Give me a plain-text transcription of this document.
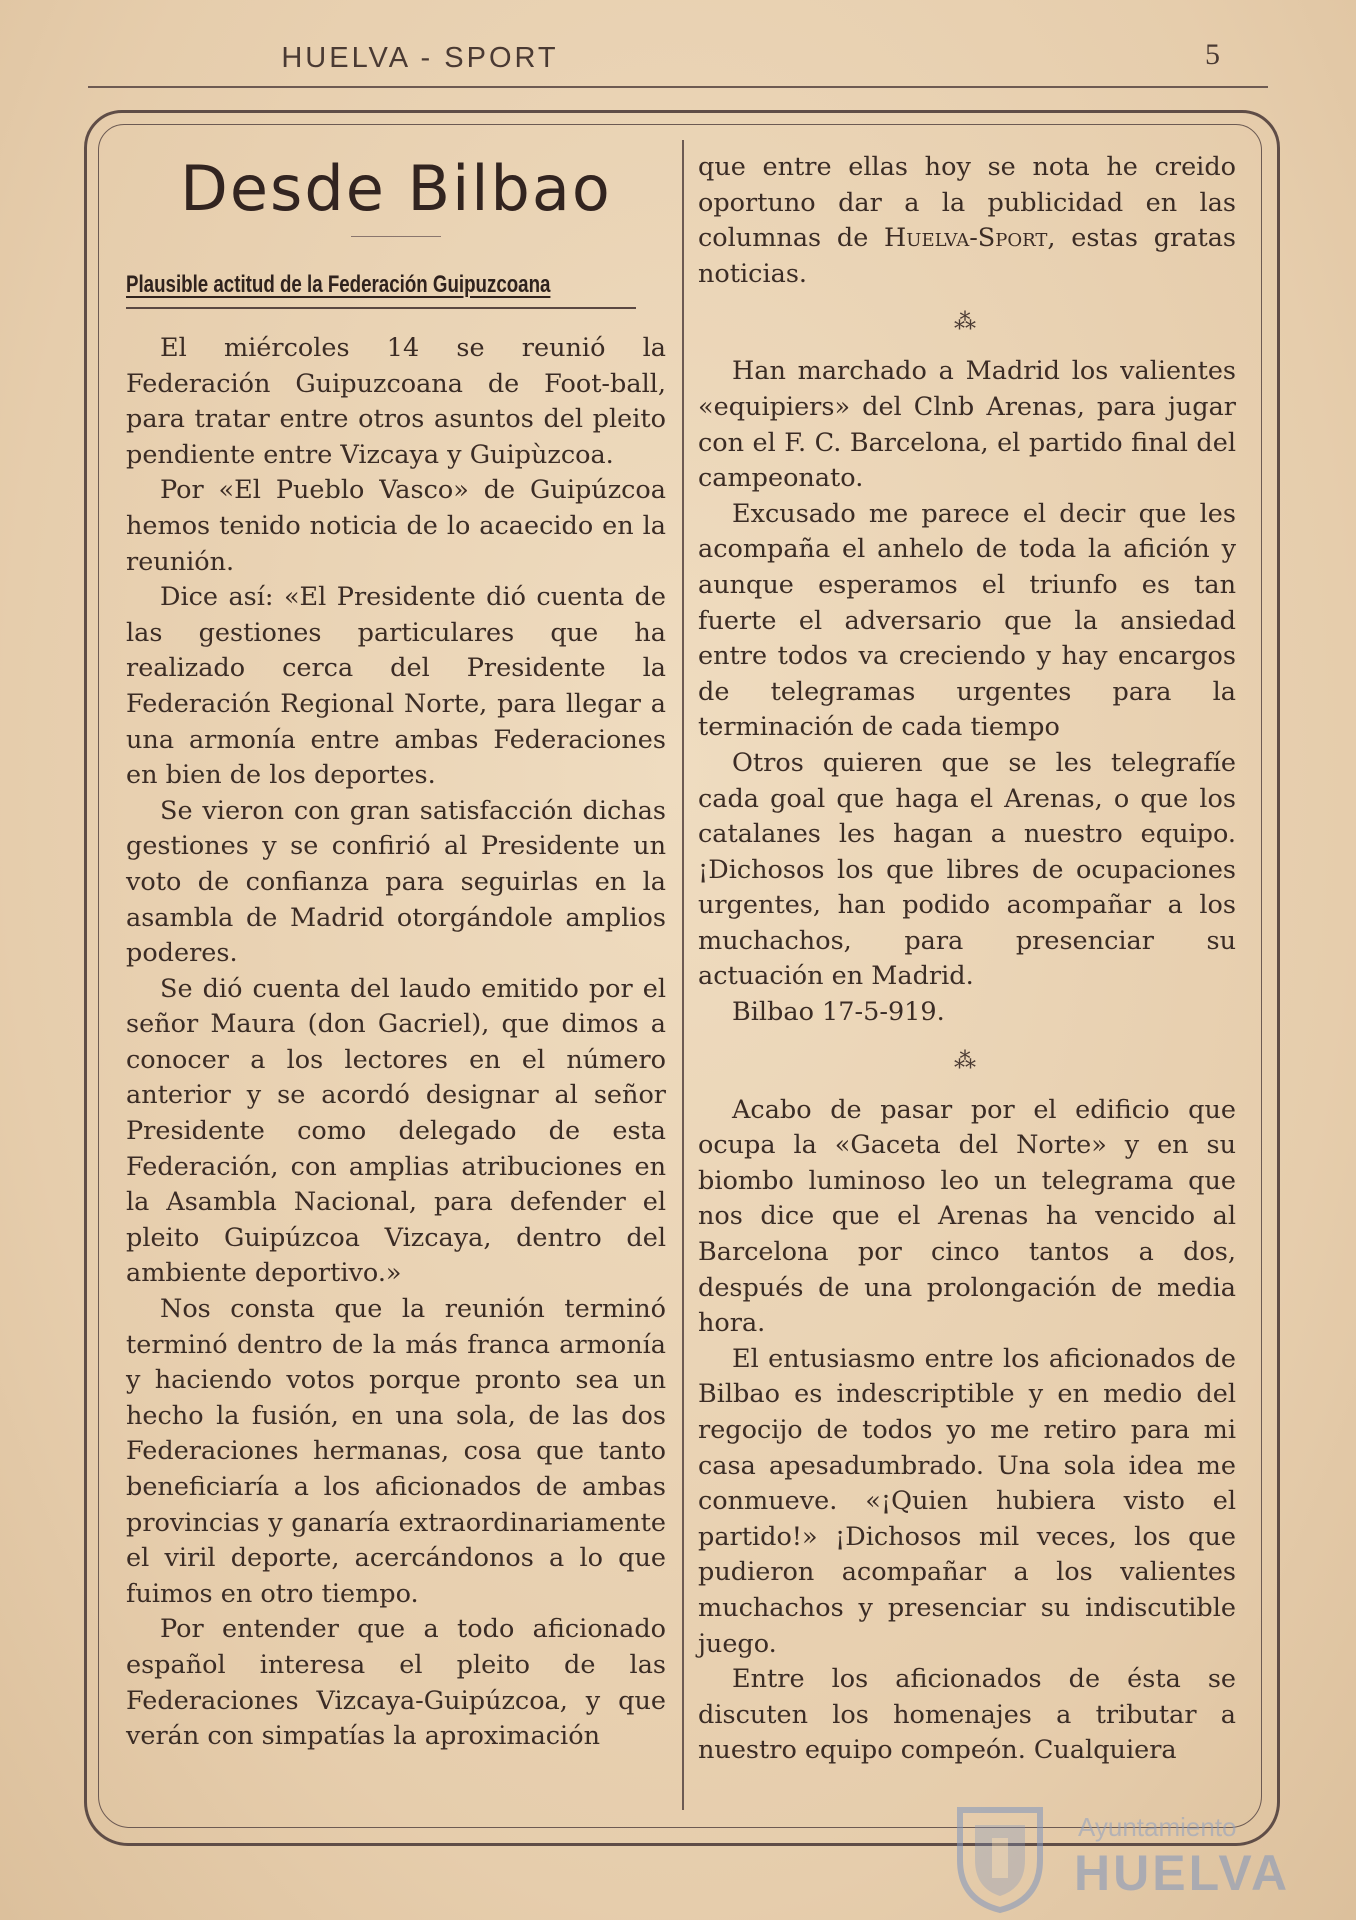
HUELVA - SPORT	5
Desde Bilbao
Plausible actitud de la Federación Guipuzcoana

El miércoles 14 se reunió la Federación Guipuzcoana de Foot-ball, para tratar entre otros asuntos del pleito pendiente entre Vizcaya y Guipùzcoa.

Por «El Pueblo Vasco» de Guipúzcoa hemos tenido noticia de lo acaecido en la reunión.

Dice así: «El Presidente dió cuenta de las gestiones particulares que ha realizado cerca del Presidente la Federación Regional Norte, para llegar a una armonía entre ambas Federaciones en bien de los deportes.

Se vieron con gran satisfacción dichas gestiones y se confirió al Presidente un voto de confianza para seguirlas en la asambla de Madrid otorgándole amplios poderes.

Se dió cuenta del laudo emitido por el señor Maura (don Gacriel), que dimos a conocer a los lectores en el número anterior y se acordó designar al señor Presidente como delegado de esta Federación, con amplias atribuciones en la Asambla Nacional, para defender el pleito Guipúzcoa Vizcaya, dentro del ambiente deportivo.»

Nos consta que la reunión terminó terminó dentro de la más franca armonía y haciendo votos porque pronto sea un hecho la fusión, en una sola, de las dos Federaciones hermanas, cosa que tanto beneficiaría a los aficionados de ambas provincias y ganaría extraordinariamente el viril deporte, acercándonos a lo que fuimos en otro tiempo.

Por entender que a todo aficionado español interesa el pleito de las Federaciones Vizcaya-Guipúzcoa, y que verán con simpatías la aproximación

que entre ellas hoy se nota he creido oportuno dar a la publicidad en las columnas de Huelva-Sport, estas gratas noticias.

⁂

Han marchado a Madrid los valientes «equipiers» del Clnb Arenas, para jugar con el F. C. Barcelona, el partido final del campeonato.

Excusado me parece el decir que les acompaña el anhelo de toda la afición y aunque esperamos el triunfo es tan fuerte el adversario que la ansiedad entre todos va creciendo y hay encargos de telegramas urgentes para la terminación de cada tiempo

Otros quieren que se les telegrafíe cada goal que haga el Arenas, o que los catalanes les hagan a nuestro equipo. ¡Dichosos los que libres de ocupaciones urgentes, han podido acompañar a los muchachos, para presenciar su actuación en Madrid.

Bilbao 17-5-919.

⁂

Acabo de pasar por el edificio que ocupa la «Gaceta del Norte» y en su biombo luminoso leo un telegrama que nos dice que el Arenas ha vencido al Barcelona por cinco tantos a dos, después de una prolongación de media hora.

El entusiasmo entre los aficionados de Bilbao es indescriptible y en medio del regocijo de todos yo me retiro para mi casa apesadumbrado. Una sola idea me conmueve. «¡Quien hubiera visto el partido!» ¡Dichosos mil veces, los que pudieron acompañar a los valientes muchachos y presenciar su indiscutible juego.

Entre los aficionados de ésta se discuten los homenajes a tributar a nuestro equipo compeón. Cualquiera

Ayuntamiento
HUELVA
